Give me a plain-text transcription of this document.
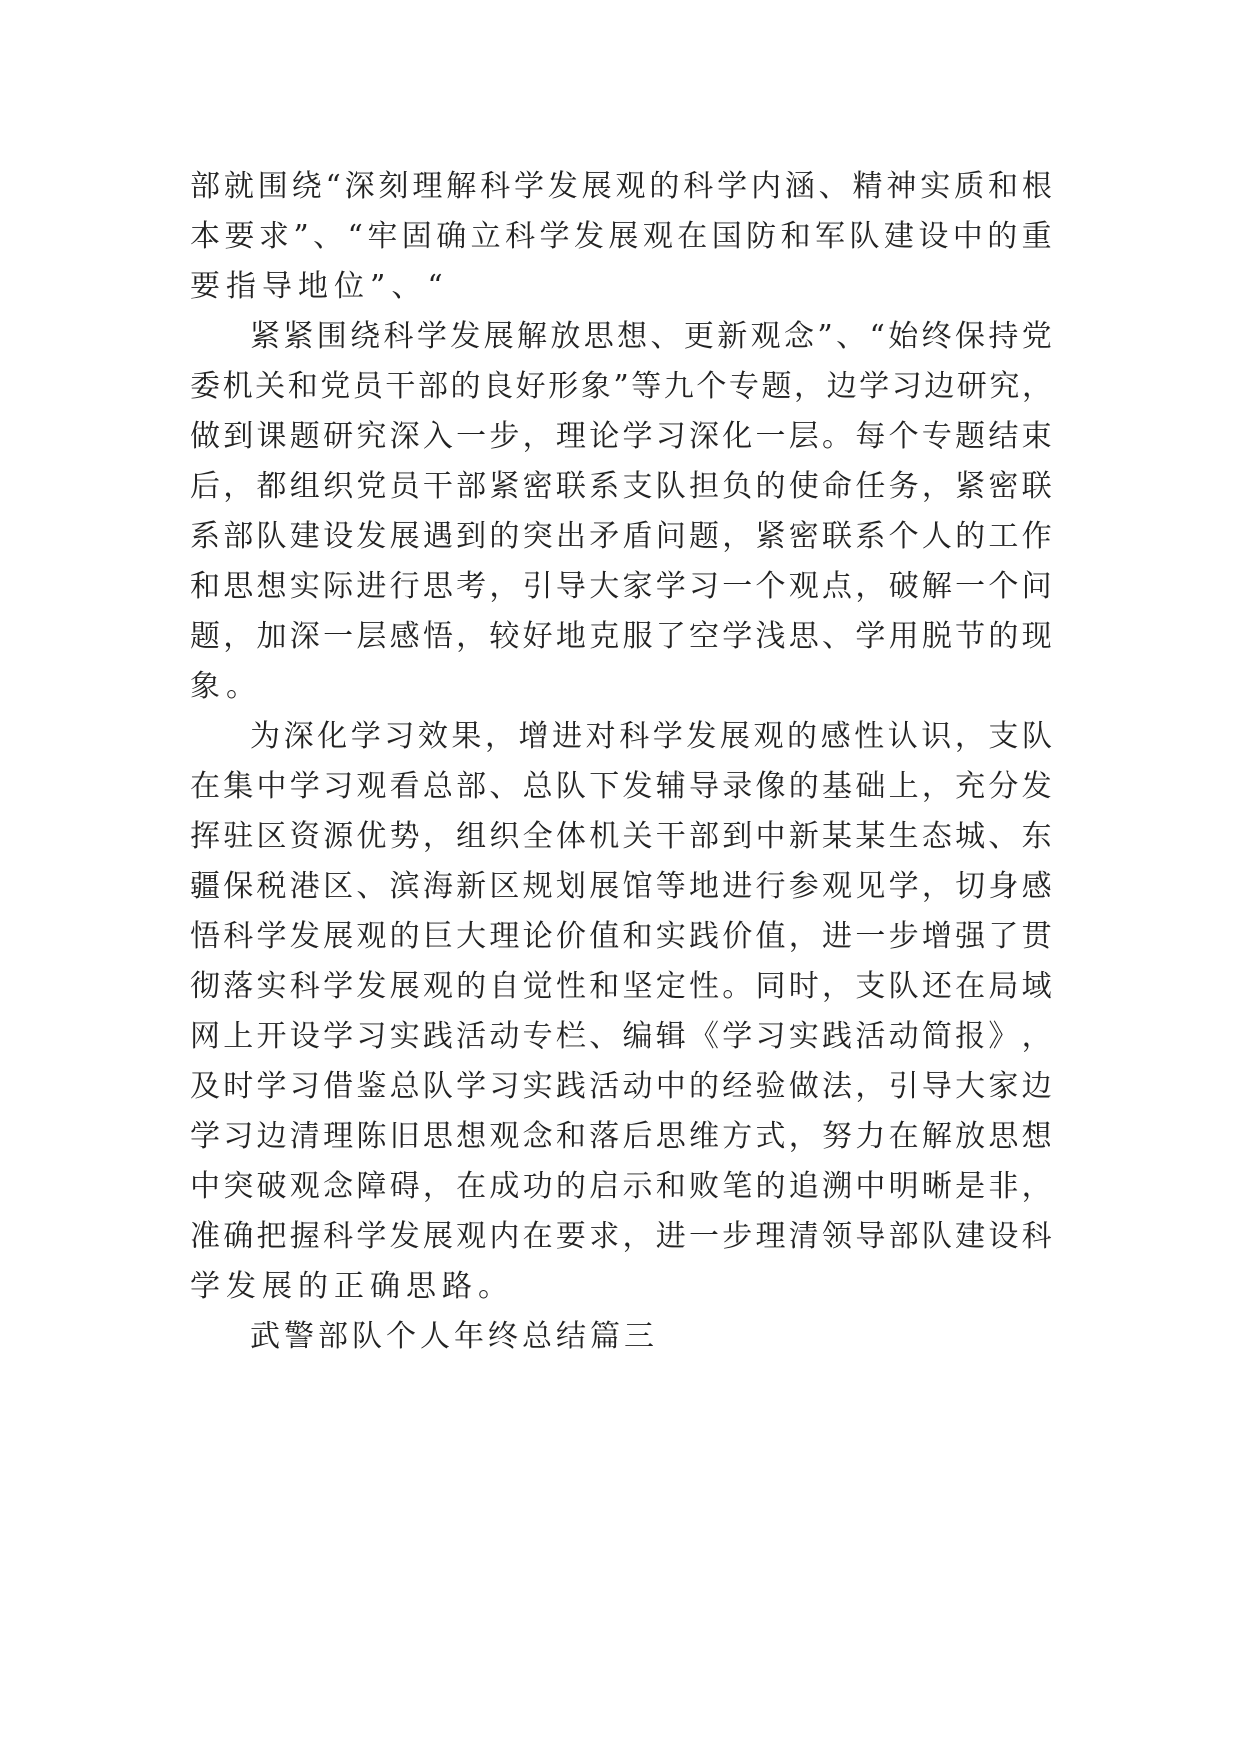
部 就 围 绕 “ 深 刻 理 解 科 学 发 展 观 的 科 学 内 涵 、 精 神 实 质 和 根
本 要 求 ” 、 “ 牢 固 确 立 科 学 发 展 观 在 国 防 和 军 队 建 设 中 的 重
要指导地位”、“
紧 紧 围 绕 科 学 发 展 解 放 思 想 、 更 新 观 念 ” 、 “ 始 终 保 持 党
委 机 关 和 党 员 干 部 的 良 好 形 象 ” 等 九 个 专 题 ， 边 学 习 边 研 究 ，
做 到 课 题 研 究 深 入 一 步 ， 理 论 学 习 深 化 一 层 。 每 个 专 题 结 束
后 ， 都 组 织 党 员 干 部 紧 密 联 系 支 队 担 负 的 使 命 任 务 ， 紧 密 联
系 部 队 建 设 发 展 遇 到 的 突 出 矛 盾 问 题 ， 紧 密 联 系 个 人 的 工 作
和 思 想 实 际 进 行 思 考 ， 引 导 大 家 学 习 一 个 观 点 ， 破 解 一 个 问
题 ， 加 深 一 层 感 悟 ， 较 好 地 克 服 了 空 学 浅 思 、 学 用 脱 节 的 现
象。
为 深 化 学 习 效 果 ， 增 进 对 科 学 发 展 观 的 感 性 认 识 ， 支 队
在 集 中 学 习 观 看 总 部 、 总 队 下 发 辅 导 录 像 的 基 础 上 ， 充 分 发
挥 驻 区 资 源 优 势 ， 组 织 全 体 机 关 干 部 到 中 新 某 某 生 态 城 、 东
疆 保 税 港 区 、 滨 海 新 区 规 划 展 馆 等 地 进 行 参 观 见 学 ， 切 身 感
悟 科 学 发 展 观 的 巨 大 理 论 价 值 和 实 践 价 值 ， 进 一 步 增 强 了 贯
彻 落 实 科 学 发 展 观 的 自 觉 性 和 坚 定 性 。 同 时 ， 支 队 还 在 局 域
网 上 开 设 学 习 实 践 活 动 专 栏 、 编 辑 《 学 习 实 践 活 动 简 报 》 ，
及 时 学 习 借 鉴 总 队 学 习 实 践 活 动 中 的 经 验 做 法 ， 引 导 大 家 边
学 习 边 清 理 陈 旧 思 想 观 念 和 落 后 思 维 方 式 ， 努 力 在 解 放 思 想
中 突 破 观 念 障 碍 ， 在 成 功 的 启 示 和 败 笔 的 追 溯 中 明 晰 是 非 ，
准 确 把 握 科 学 发 展 观 内 在 要 求 ， 进 一 步 理 清 领 导 部 队 建 设 科
学发展的正确思路。
武警部队个人年终总结篇三
